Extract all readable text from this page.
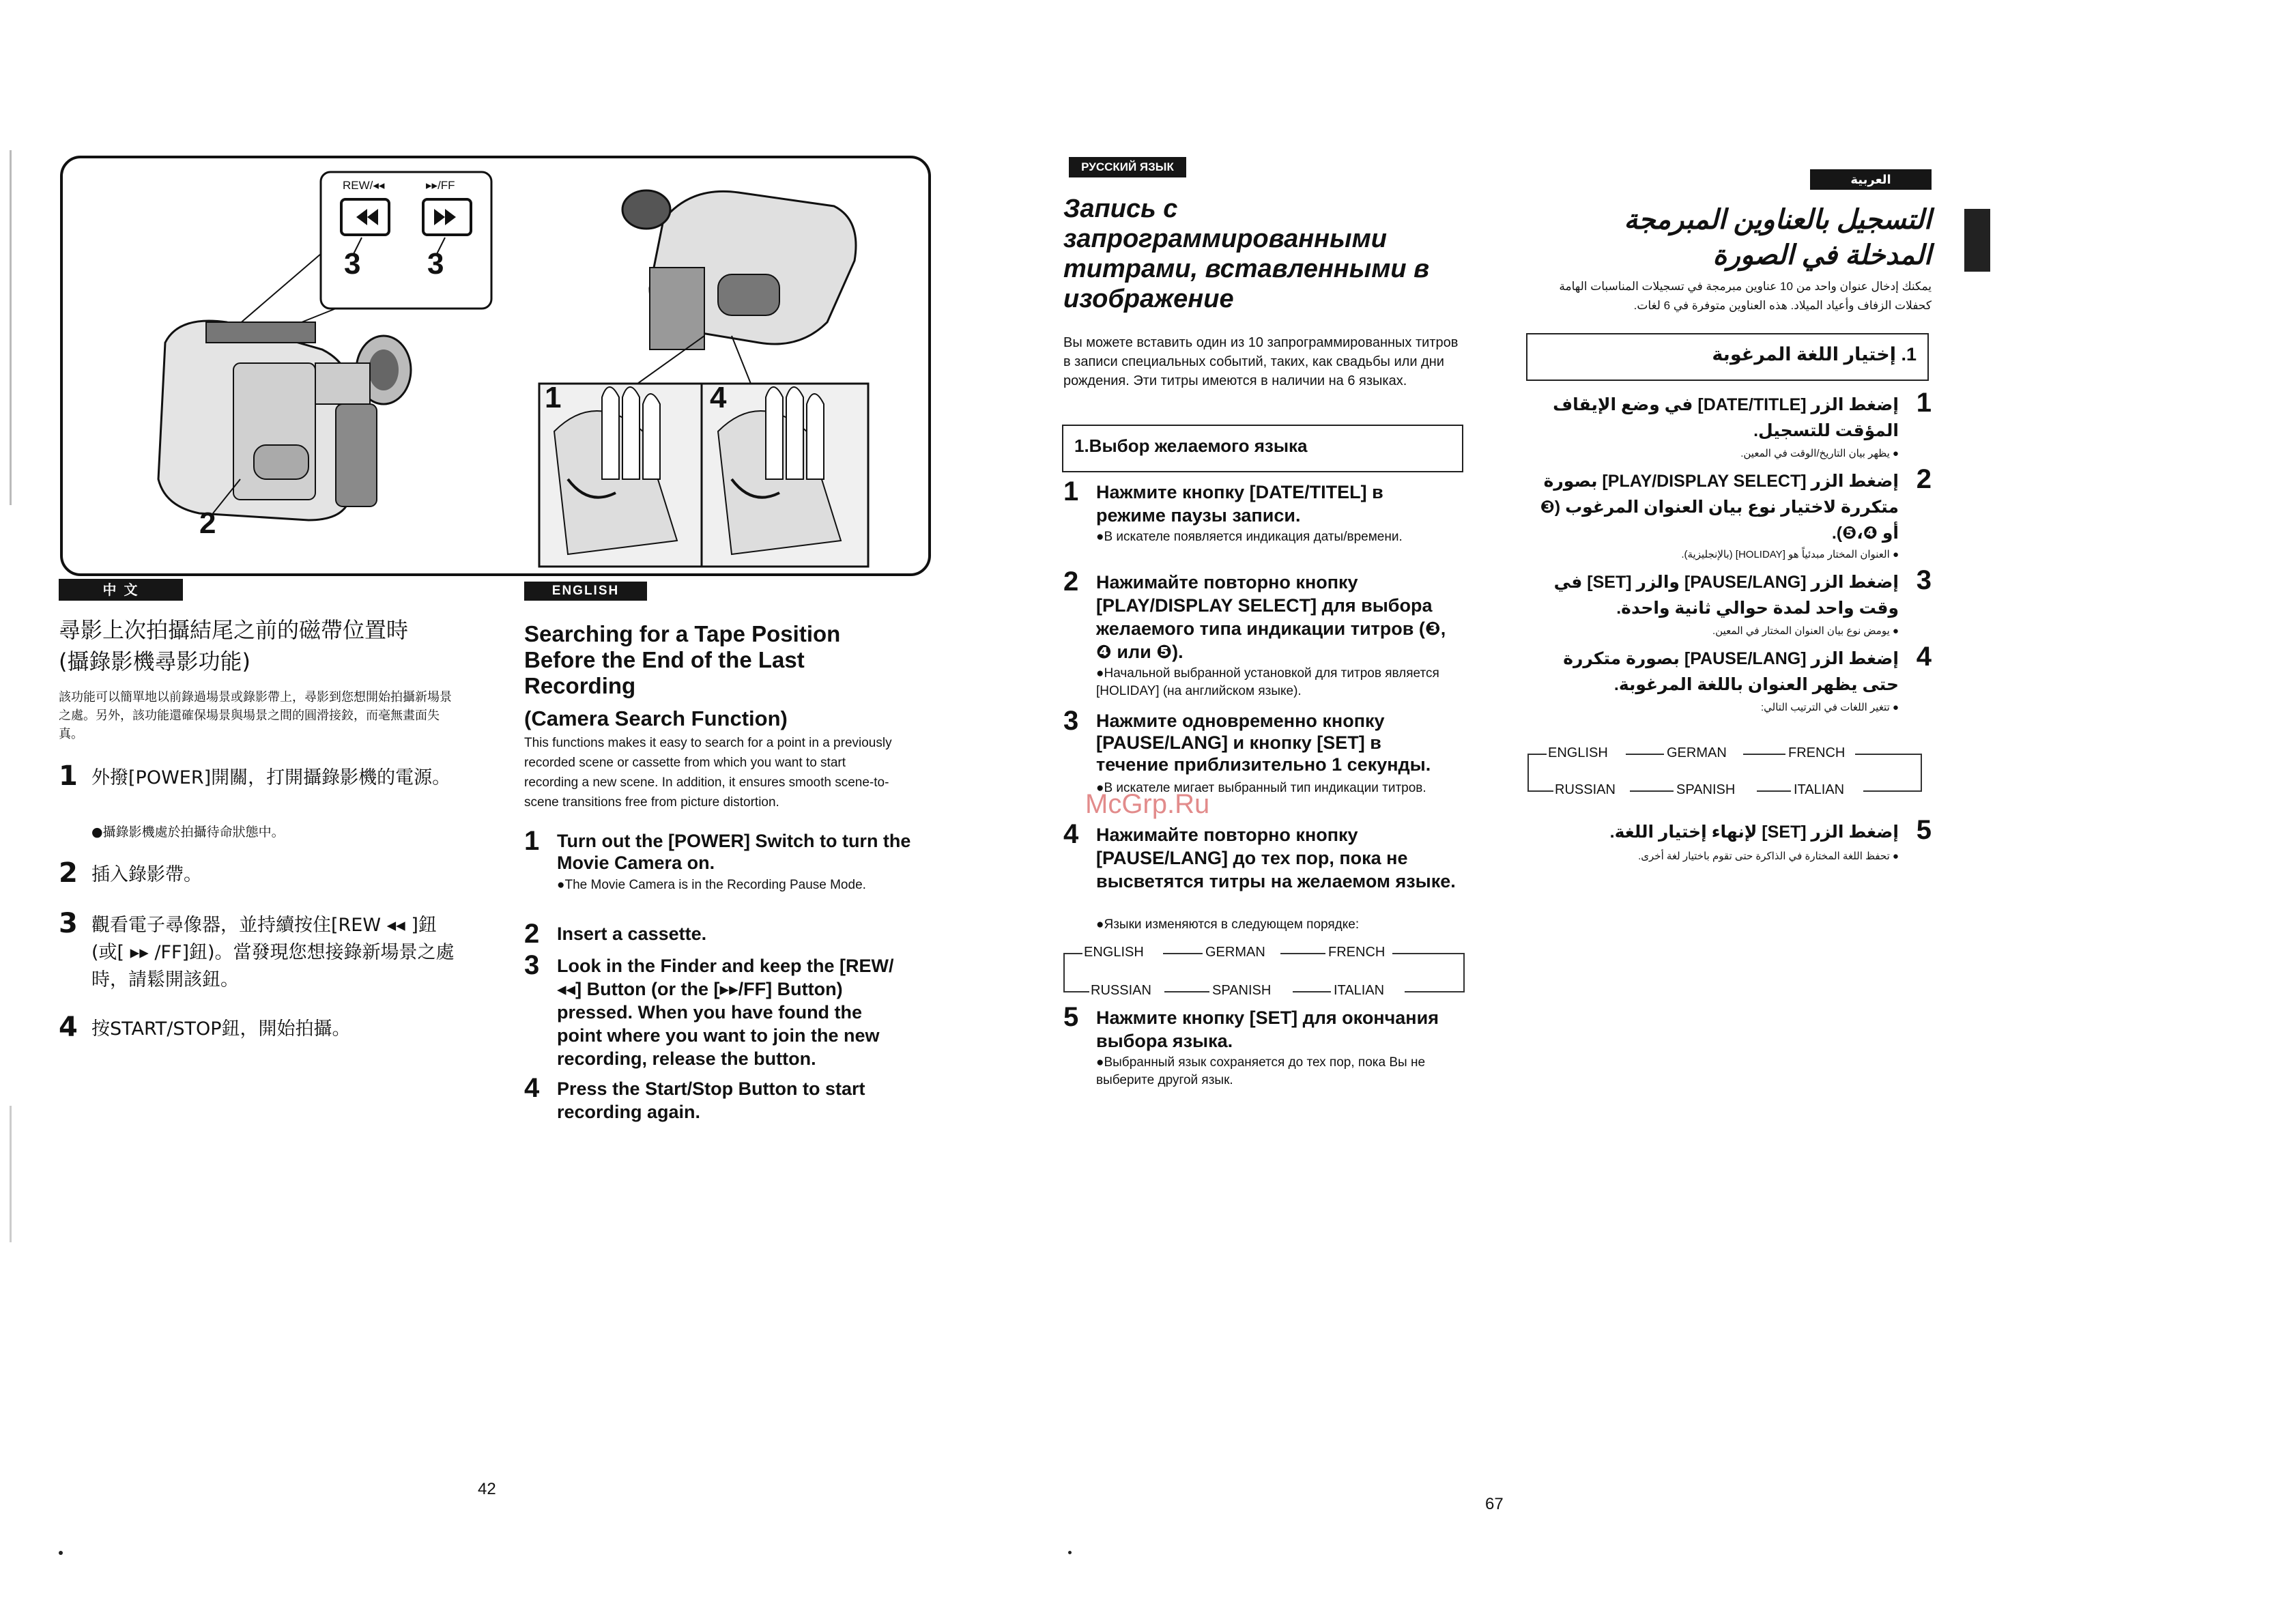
REW/◂◂	▸▸/FF
3 3
2
1	4
中 文
尋影上次拍攝結尾之前的磁帶位置時
(攝錄影機尋影功能)
該功能可以簡單地以前錄過場景或錄影帶上，尋影到您想開始拍攝新場景之處。另外，該功能還確保場景與場景之間的圓滑接鉸，而毫無畫面失真。
1 外撥[POWER]開關，打開攝錄影機的電源。
●攝錄影機處於拍攝待命狀態中。
2 插入錄影帶。
3 觀看電子尋像器，並持續按住[REW ◂◂ ]鈕(或[ ▸▸ /FF]鈕)。當發現您想接錄新場景之處時，請鬆開該鈕。
4 按START/STOP鈕，開始拍攝。
ENGLISH
Searching for a Tape Position Before the End of the Last Recording
(Camera Search Function)
This functions makes it easy to search for a point in a previously recorded scene or cassette from which you want to start recording a new scene. In addition, it ensures smooth scene-to-scene transitions free from picture distortion.
1 Turn out the [POWER] Switch to turn the Movie Camera on.
●The Movie Camera is in the Recording Pause Mode.
2 Insert a cassette.
3 Look in the Finder and keep the [REW/◂◂] Button (or the [▸▸/FF] Button) pressed. When you have found the point where you want to join the new recording, release the button.
4 Press the Start/Stop Button to start recording again.
42
РУССКИЙ ЯЗЫК
Запись с запрограммированными титрами, вставленными в изображение
Вы можете вставить один из 10 запрограммированных титров в записи специальных событий, таких, как свадьбы или дни рождения. Эти титры имеются в наличии на 6 языках.
1.Выбор желаемого языка
1 Нажмите кнопку [DATE/TITEL] в режиме паузы записи.
●В искателе появляется индикация даты/времени.
2 Нажимайте повторно кнопку [PLAY/DISPLAY SELECT] для выбора желаемого типа индикации титров (❸, ❹ или ❺).
●Начальной выбранной установкой для титров является [HOLIDAY] (на английском языке).
3 Нажмите одновременно кнопку [PAUSE/LANG] и кнопку [SET] в течение приблизительно 1 секунды.
●В искателе мигает выбранный тип индикации титров.
McGrp.Ru
4 Нажимайте повторно кнопку [PAUSE/LANG] до тех пор, пока не высветятся титры на желаемом языке.
●Языки изменяются в следующем порядке:
ENGLISH	GERMAN	FRENCH
RUSSIAN	SPANISH	ITALIAN
5 Нажмите кнопку [SET] для окончания выбора языка.
●Выбранный язык сохраняется до тех пор, пока Вы не выберите другой язык.
67
العربية
التسجيل بالعناوين المبرمجة
المدخلة في الصورة
يمكنك إدخال عنوان واحد من 10 عناوين مبرمجة في تسجيلات المناسبات الهامة كحفلات الزفاف وأعياد الميلاد. هذه العناوين متوفرة في 6 لغات.
1. إختيار اللغة المرغوبة
1
إضغط الزر [DATE/TITLE] في وضع الإيقاف المؤقت للتسجيل.
● يظهر بيان التاريخ/الوقت في المعين.
2
إضغط الزر [PLAY/DISPLAY SELECT] بصورة متكررة لاختيار نوع بيان العنوان المرغوب (❸ أو ❹،❺).
● العنوان المختار مبدئياً هو [HOLIDAY] (بالإنجليزية).
3
إضغط الزر [PAUSE/LANG] والزر [SET] في وقت واحد لمدة حوالي ثانية واحدة.
● يومض نوع بيان العنوان المختار في المعين.
4
إضغط الزر [PAUSE/LANG] بصورة متكررة حتى يظهر العنوان باللغة المرغوبة.
● تتغير اللغات في الترتيب التالي:
ENGLISH	GERMAN	FRENCH
RUSSIAN	SPANISH	ITALIAN
5
إضغط الزر [SET] لإنهاء إختيار اللغة.
● تحفظ اللغة المختارة في الذاكرة حتى تقوم باختيار لغة أخرى.
